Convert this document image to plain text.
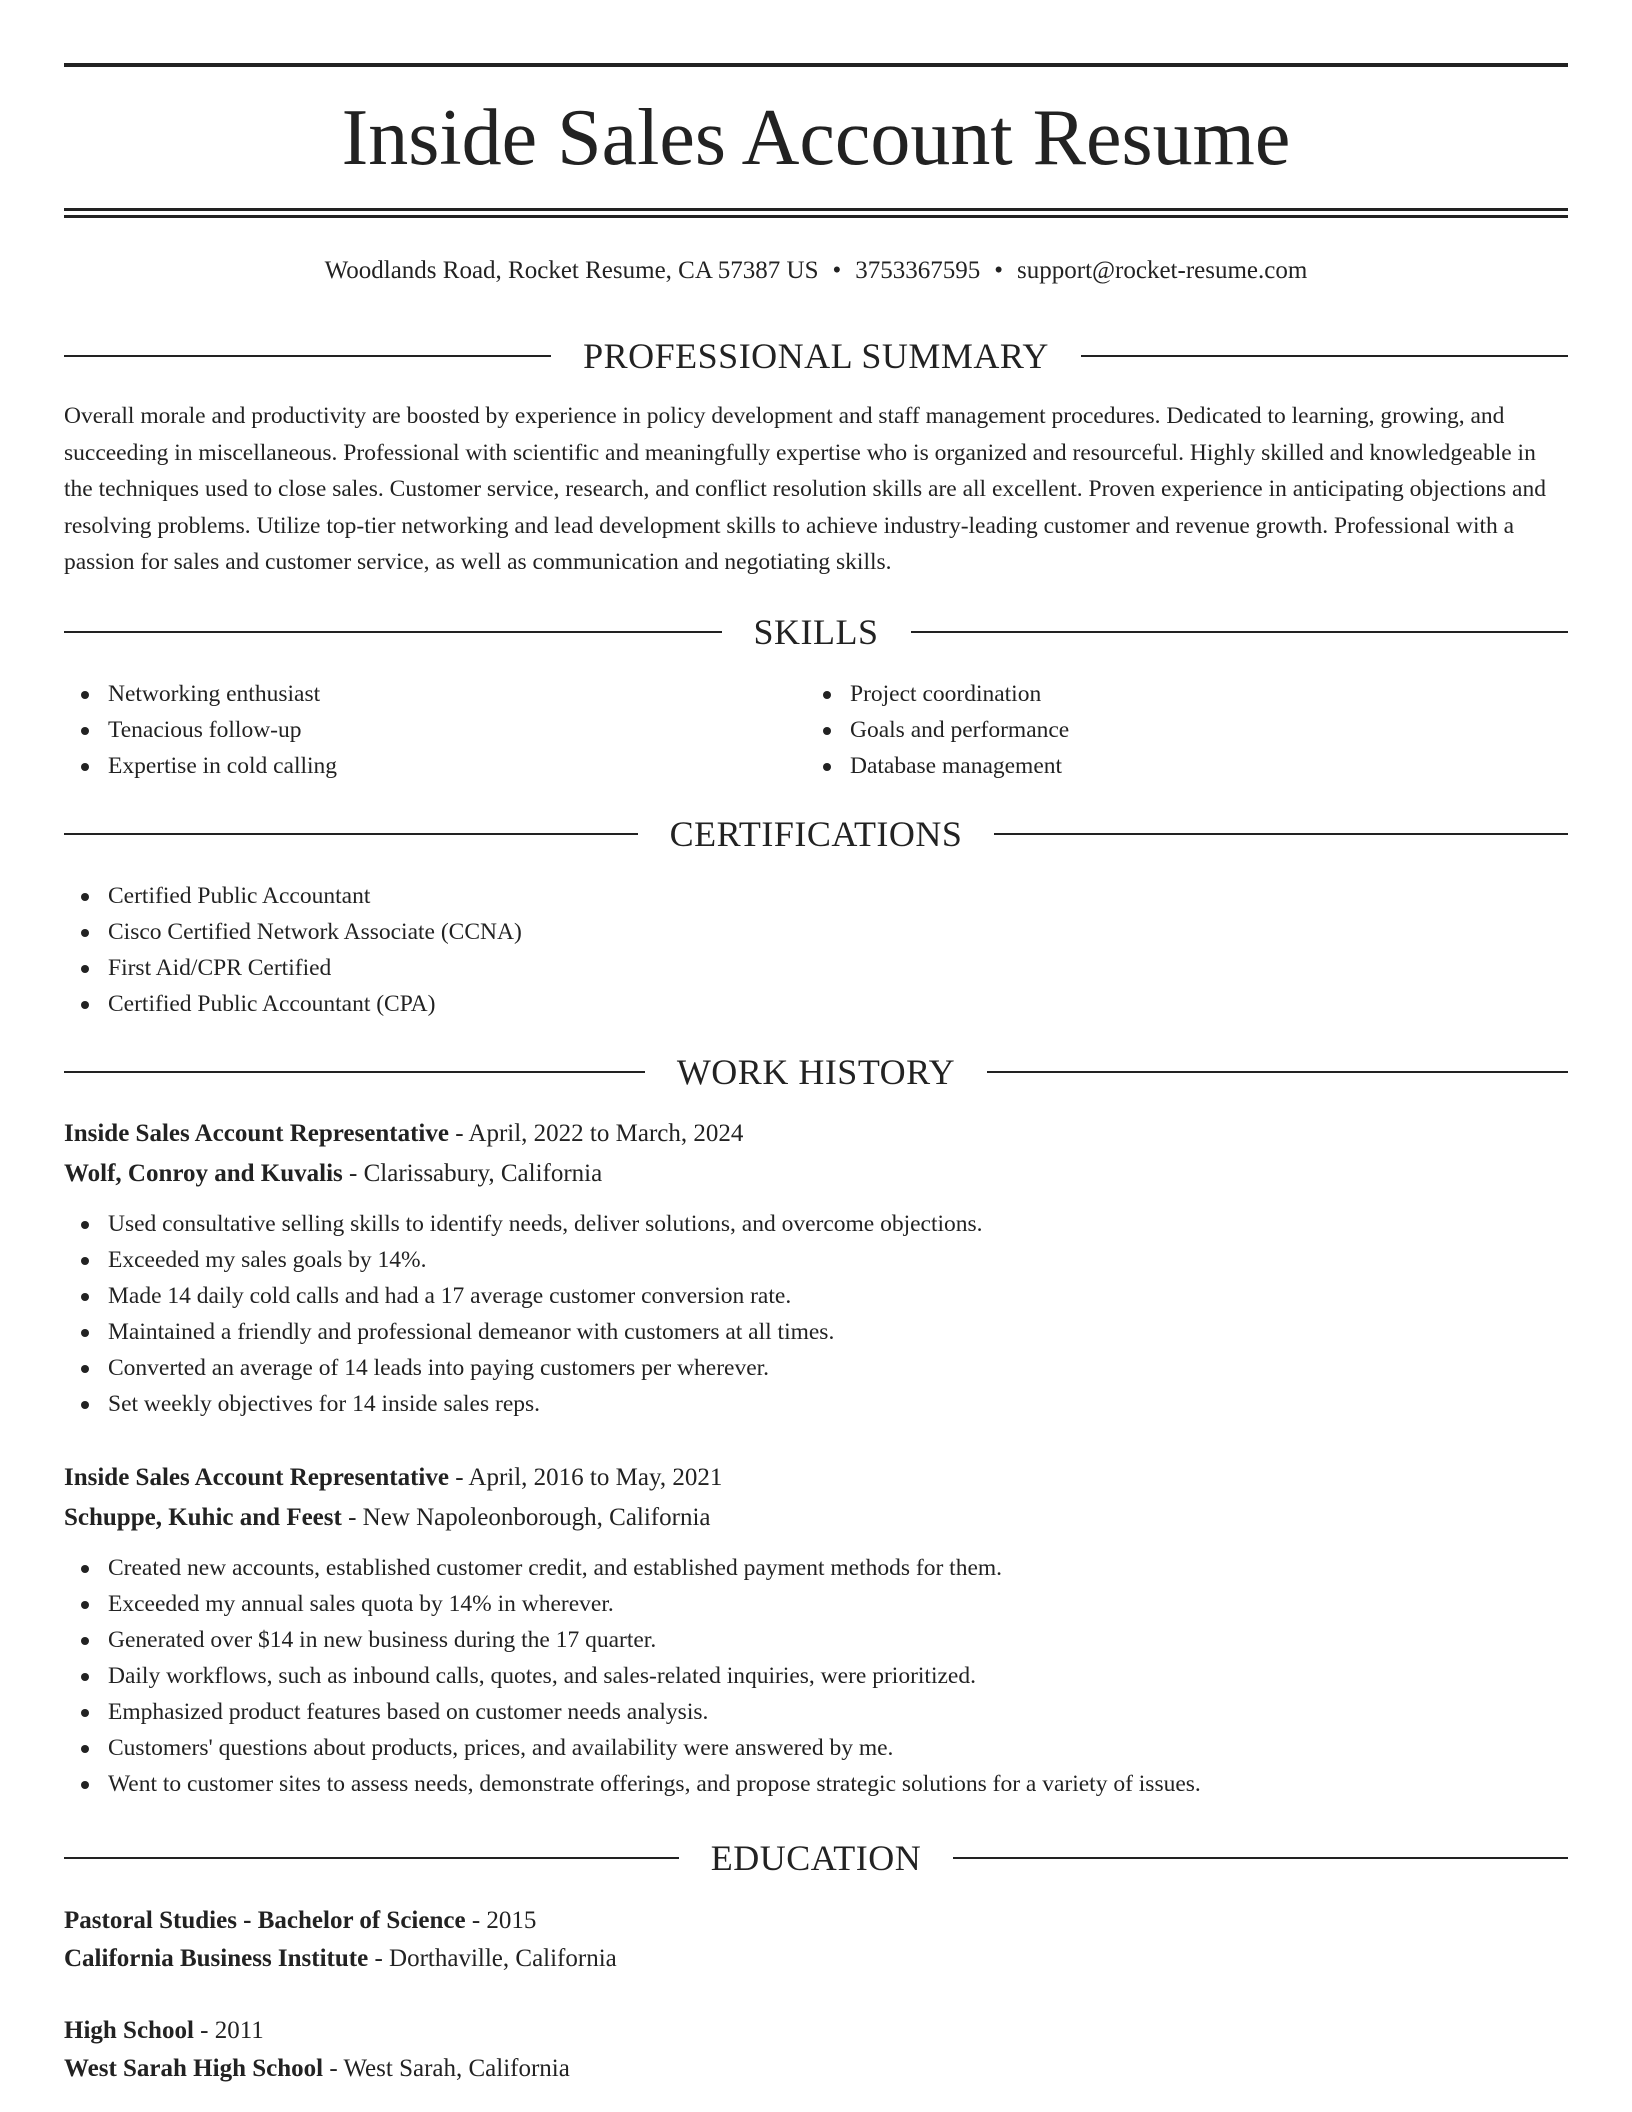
Inside Sales Account Resume
Woodlands Road, Rocket Resume, CA 57387 US • 3753367595 • support@rocket-resume.com
PROFESSIONAL SUMMARY

Overall morale and productivity are boosted by experience in policy development and staff management procedures. Dedicated to learning, growing, and succeeding in miscellaneous. Professional with scientific and meaningfully expertise who is organized and resourceful. Highly skilled and knowledgeable in the techniques used to close sales. Customer service, research, and conflict resolution skills are all excellent. Proven experience in anticipating objections and resolving problems. Utilize top-tier networking and lead development skills to achieve industry-leading customer and revenue growth. Professional with a passion for sales and customer service, as well as communication and negotiating skills.

SKILLS
Networking enthusiast
Tenacious follow-up
Expertise in cold calling
Project coordination
Goals and performance
Database management
CERTIFICATIONS
Certified Public Accountant
Cisco Certified Network Associate (CCNA)
First Aid/CPR Certified
Certified Public Accountant (CPA)
WORK HISTORY
Inside Sales Account Representative - April, 2022 to March, 2024
Wolf, Conroy and Kuvalis - Clarissabury, California
Used consultative selling skills to identify needs, deliver solutions, and overcome objections.
Exceeded my sales goals by 14%.
Made 14 daily cold calls and had a 17 average customer conversion rate.
Maintained a friendly and professional demeanor with customers at all times.
Converted an average of 14 leads into paying customers per wherever.
Set weekly objectives for 14 inside sales reps.
Inside Sales Account Representative - April, 2016 to May, 2021
Schuppe, Kuhic and Feest - New Napoleonborough, California
Created new accounts, established customer credit, and established payment methods for them.
Exceeded my annual sales quota by 14% in wherever.
Generated over $14 in new business during the 17 quarter.
Daily workflows, such as inbound calls, quotes, and sales-related inquiries, were prioritized.
Emphasized product features based on customer needs analysis.
Customers' questions about products, prices, and availability were answered by me.
Went to customer sites to assess needs, demonstrate offerings, and propose strategic solutions for a variety of issues.
EDUCATION
Pastoral Studies - Bachelor of Science - 2015
California Business Institute - Dorthaville, California
High School - 2011
West Sarah High School - West Sarah, California
